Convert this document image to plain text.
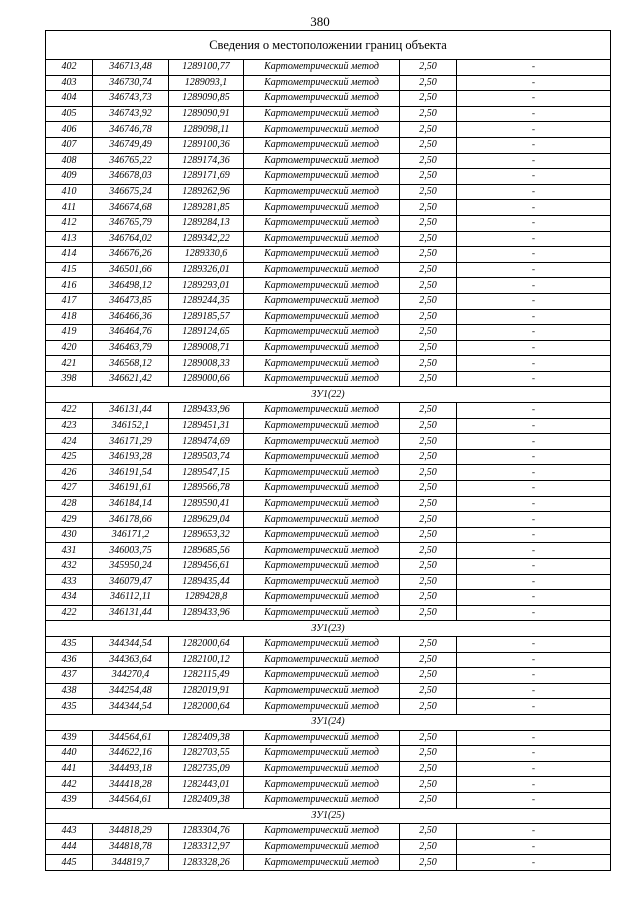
380
Сведения о местоположении границ объекта					
402	346713,48	1289100,77	Картометрический метод	2,50	-
403	346730,74	1289093,1	Картометрический метод	2,50	-
404	346743,73	1289090,85	Картометрический метод	2,50	-
405	346743,92	1289090,91	Картометрический метод	2,50	-
406	346746,78	1289098,11	Картометрический метод	2,50	-
407	346749,49	1289100,36	Картометрический метод	2,50	-
408	346765,22	1289174,36	Картометрический метод	2,50	-
409	346678,03	1289171,69	Картометрический метод	2,50	-
410	346675,24	1289262,96	Картометрический метод	2,50	-
411	346674,68	1289281,85	Картометрический метод	2,50	-
412	346765,79	1289284,13	Картометрический метод	2,50	-
413	346764,02	1289342,22	Картометрический метод	2,50	-
414	346676,26	1289330,6	Картометрический метод	2,50	-
415	346501,66	1289326,01	Картометрический метод	2,50	-
416	346498,12	1289293,01	Картометрический метод	2,50	-
417	346473,85	1289244,35	Картометрический метод	2,50	-
418	346466,36	1289185,57	Картометрический метод	2,50	-
419	346464,76	1289124,65	Картометрический метод	2,50	-
420	346463,79	1289008,71	Картометрический метод	2,50	-
421	346568,12	1289008,33	Картометрический метод	2,50	-
398	346621,42	1289000,66	Картометрический метод	2,50	-
ЗУ1(22)					
422	346131,44	1289433,96	Картометрический метод	2,50	-
423	346152,1	1289451,31	Картометрический метод	2,50	-
424	346171,29	1289474,69	Картометрический метод	2,50	-
425	346193,28	1289503,74	Картометрический метод	2,50	-
426	346191,54	1289547,15	Картометрический метод	2,50	-
427	346191,61	1289566,78	Картометрический метод	2,50	-
428	346184,14	1289590,41	Картометрический метод	2,50	-
429	346178,66	1289629,04	Картометрический метод	2,50	-
430	346171,2	1289653,32	Картометрический метод	2,50	-
431	346003,75	1289685,56	Картометрический метод	2,50	-
432	345950,24	1289456,61	Картометрический метод	2,50	-
433	346079,47	1289435,44	Картометрический метод	2,50	-
434	346112,11	1289428,8	Картометрический метод	2,50	-
422	346131,44	1289433,96	Картометрический метод	2,50	-
ЗУ1(23)					
435	344344,54	1282000,64	Картометрический метод	2,50	-
436	344363,64	1282100,12	Картометрический метод	2,50	-
437	344270,4	1282115,49	Картометрический метод	2,50	-
438	344254,48	1282019,91	Картометрический метод	2,50	-
435	344344,54	1282000,64	Картометрический метод	2,50	-
ЗУ1(24)					
439	344564,61	1282409,38	Картометрический метод	2,50	-
440	344622,16	1282703,55	Картометрический метод	2,50	-
441	344493,18	1282735,09	Картометрический метод	2,50	-
442	344418,28	1282443,01	Картометрический метод	2,50	-
439	344564,61	1282409,38	Картометрический метод	2,50	-
ЗУ1(25)					
443	344818,29	1283304,76	Картометрический метод	2,50	-
444	344818,78	1283312,97	Картометрический метод	2,50	-
445	344819,7	1283328,26	Картометрический метод	2,50	-
